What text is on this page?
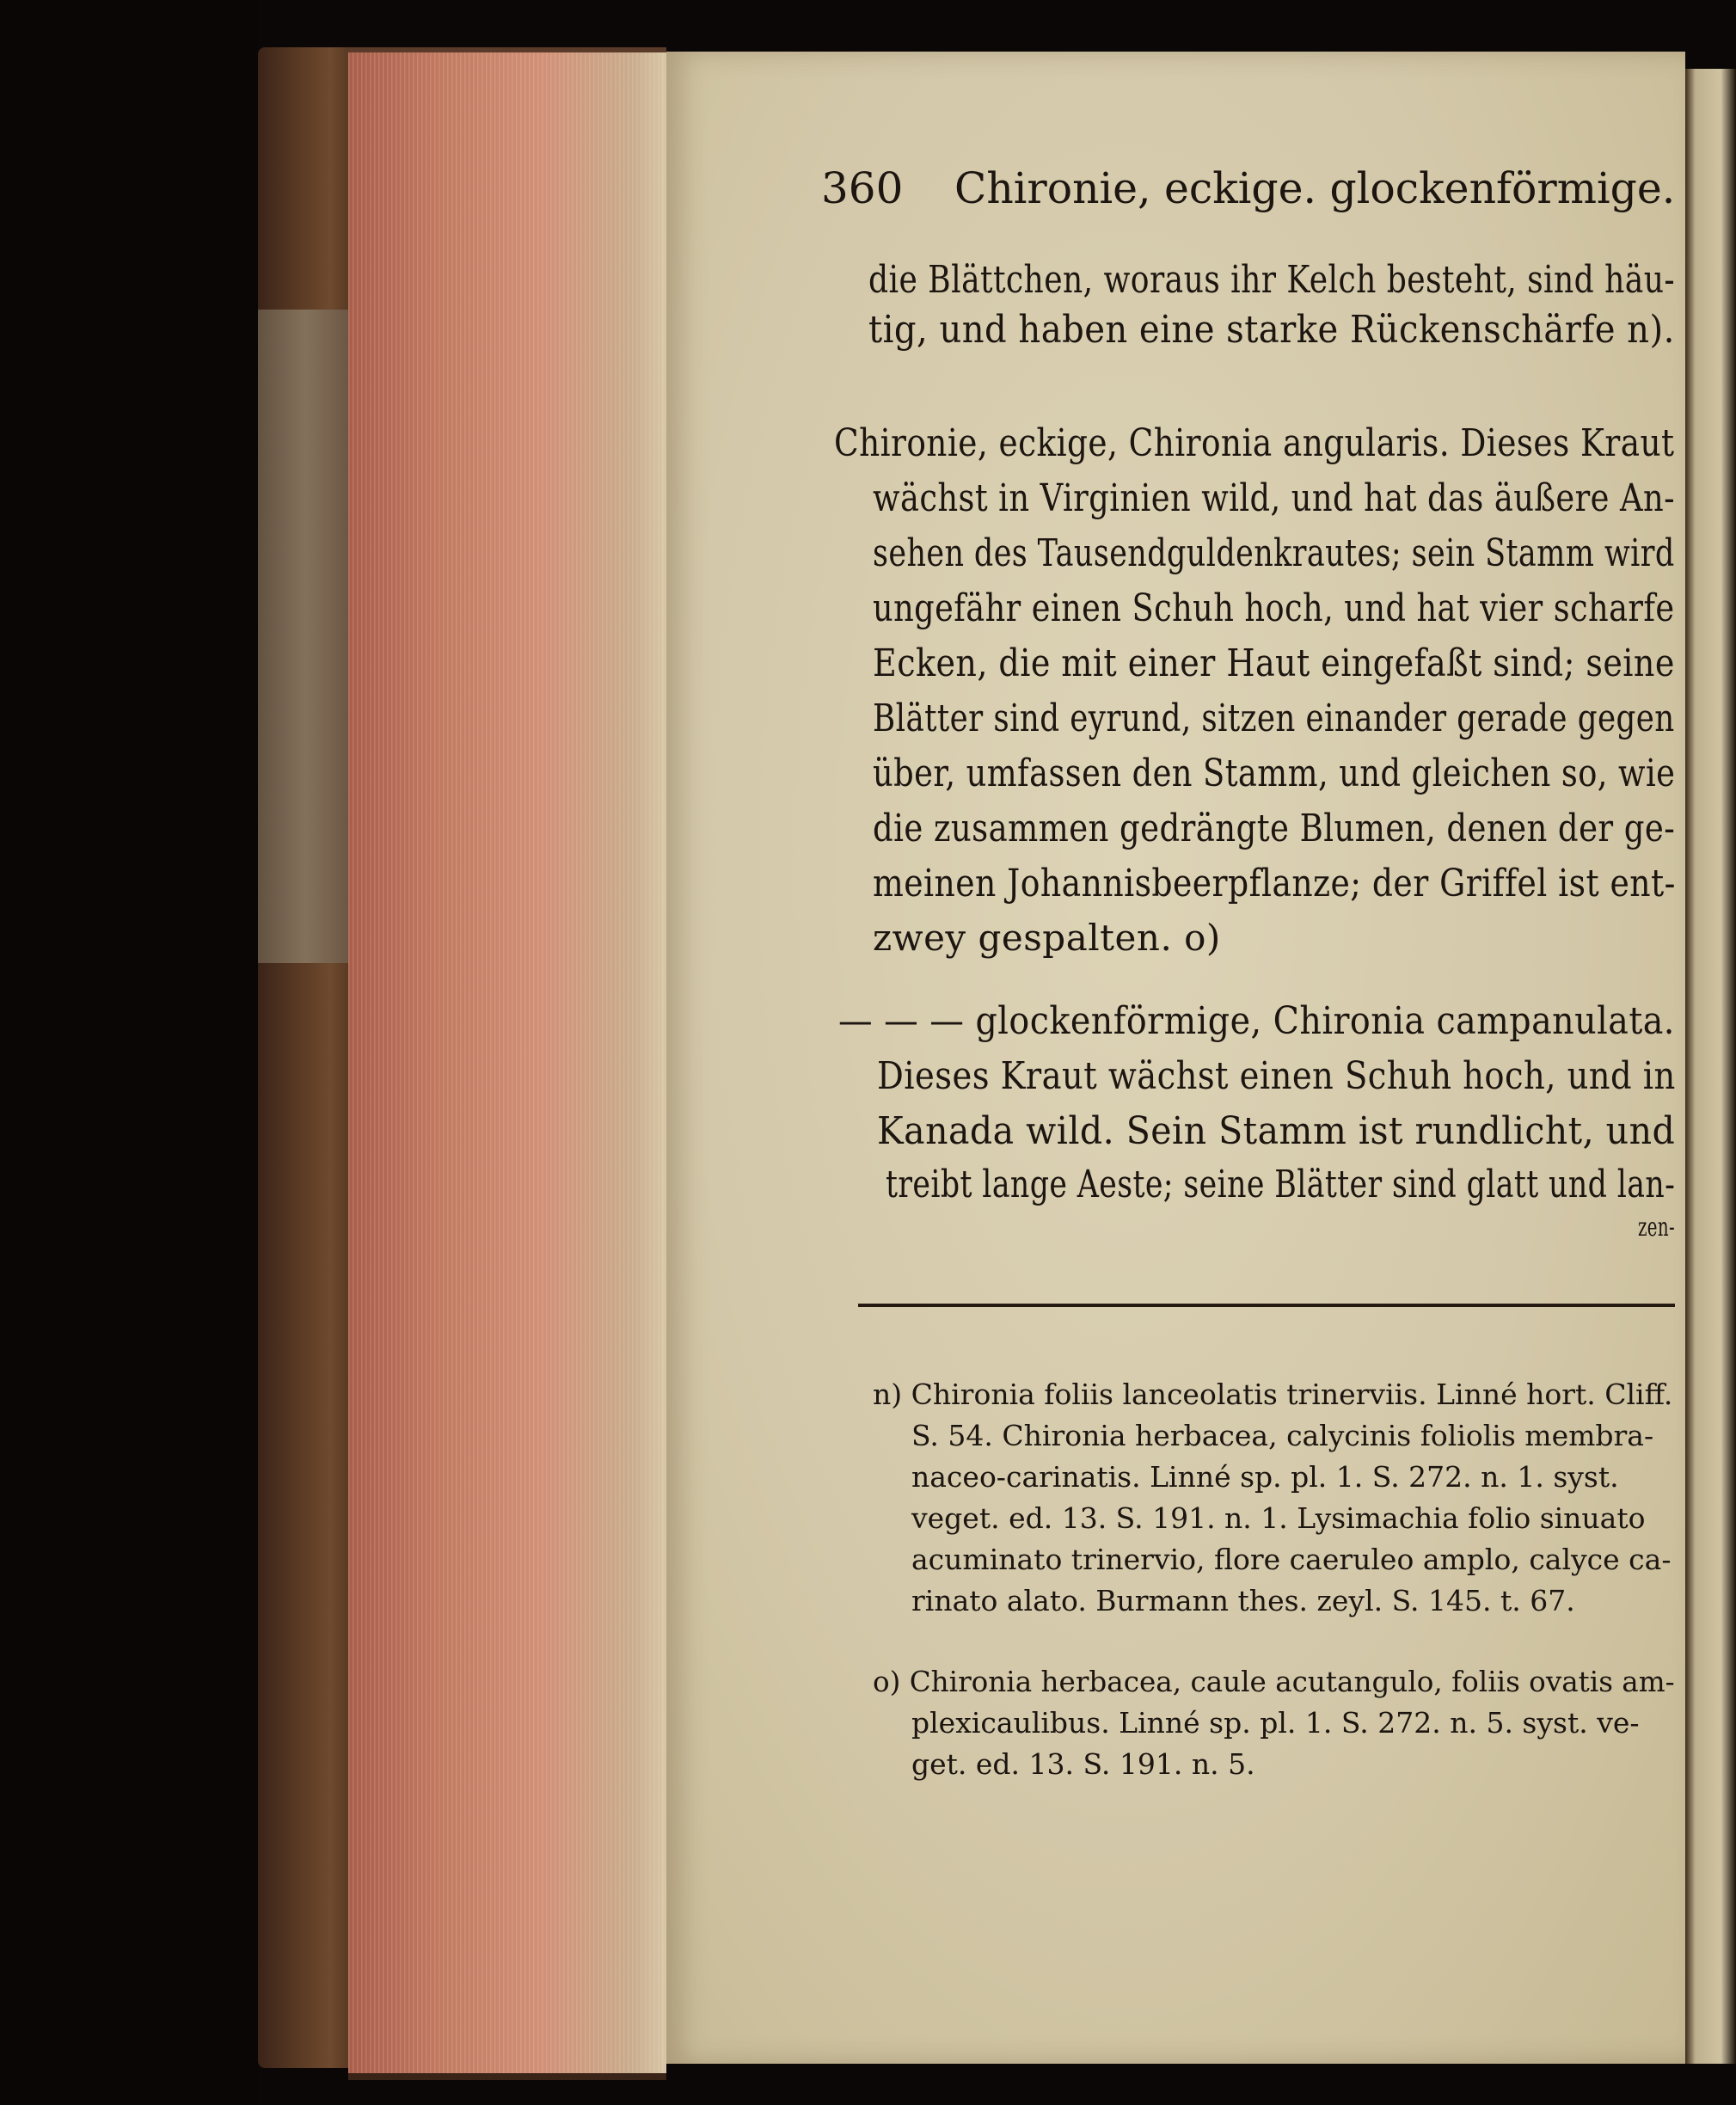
360 Chironie, eckige. glockenförmige.
die Blättchen, woraus ihr Kelch besteht, sind häu-
tig, und haben eine starke Rückenschärfe n).
Chironie, eckige, Chironia angularis. Dieses Kraut
wächst in Virginien wild, und hat das äußere An-
sehen des Tausendguldenkrautes; sein Stamm wird
ungefähr einen Schuh hoch, und hat vier scharfe
Ecken, die mit einer Haut eingefaßt sind; seine
Blätter sind eyrund, sitzen einander gerade gegen
über, umfassen den Stamm, und gleichen so, wie
die zusammen gedrängte Blumen, denen der ge-
meinen Johannisbeerpflanze; der Griffel ist ent-
zwey gespalten. o)
— — — glockenförmige, Chironia campanulata.
Dieses Kraut wächst einen Schuh hoch, und in
Kanada wild. Sein Stamm ist rundlicht, und
treibt lange Aeste; seine Blätter sind glatt und lan-
zen-
n) Chironia foliis lanceolatis trinerviis. Linné hort. Cliff.
S. 54. Chironia herbacea, calycinis foliolis membra-
naceo-carinatis. Linné sp. pl. 1. S. 272. n. 1. syst.
veget. ed. 13. S. 191. n. 1. Lysimachia folio sinuato
acuminato trinervio, flore caeruleo amplo, calyce ca-
rinato alato. Burmann thes. zeyl. S. 145. t. 67.
o) Chironia herbacea, caule acutangulo, foliis ovatis am-
plexicaulibus. Linné sp. pl. 1. S. 272. n. 5. syst. ve-
get. ed. 13. S. 191. n. 5.
